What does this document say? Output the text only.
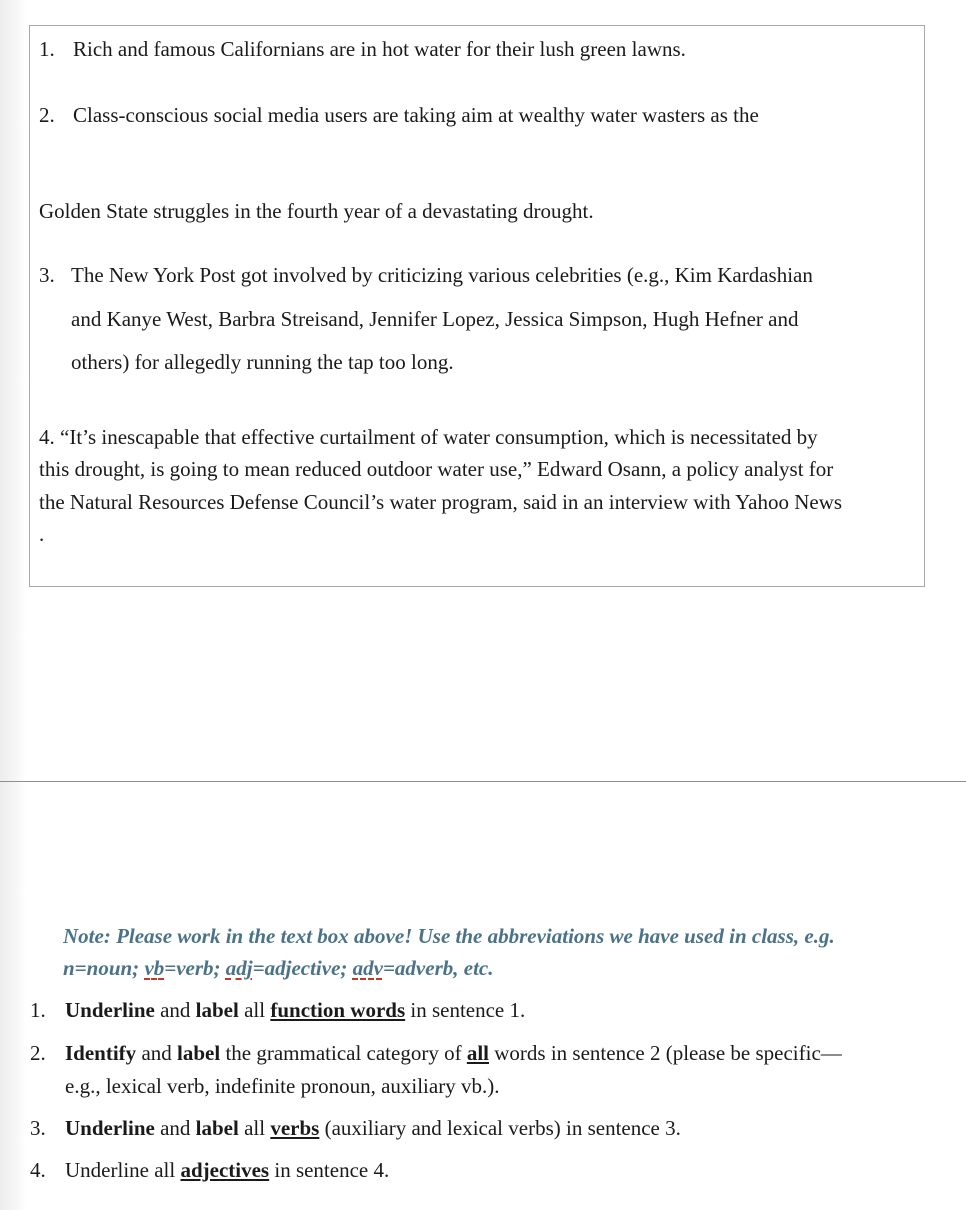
1. Rich and famous Californians are in hot water for their lush green lawns.
2. Class-conscious social media users are taking aim at wealthy water wasters as the
Golden State struggles in the fourth year of a devastating drought.
3. The New York Post got involved by criticizing various celebrities (e.g., Kim Kardashian
and Kanye West, Barbra Streisand, Jennifer Lopez, Jessica Simpson, Hugh Hefner and
others) for allegedly running the tap too long.
4. “It’s inescapable that effective curtailment of water consumption, which is necessitated by
this drought, is going to mean reduced outdoor water use,” Edward Osann, a policy analyst for
the Natural Resources Defense Council’s water program, said in an interview with Yahoo News
.
Note: Please work in the text box above! Use the abbreviations we have used in class, e.g.
n=noun; vb=verb; adj=adjective; adv=adverb, etc.
1. Underline and label all function words in sentence 1.
2. Identify and label the grammatical category of all words in sentence 2 (please be specific—
e.g., lexical verb, indefinite pronoun, auxiliary vb.).
3. Underline and label all verbs (auxiliary and lexical verbs) in sentence 3.
4. Underline all adjectives in sentence 4.
